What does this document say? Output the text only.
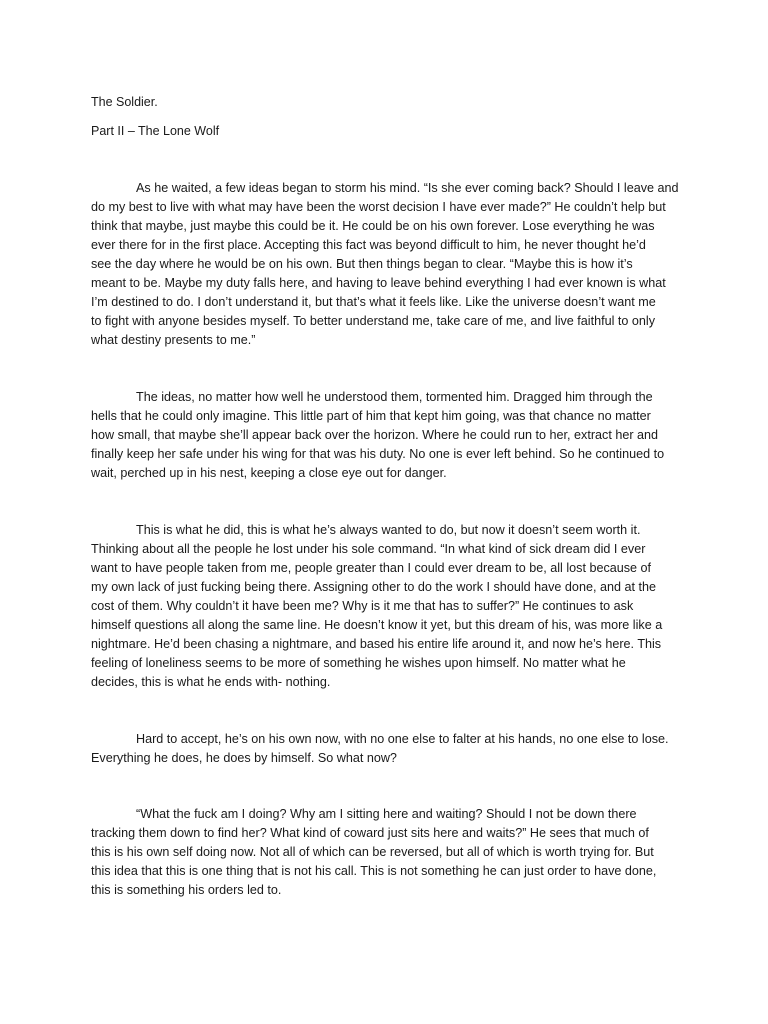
The Soldier.
Part II – The Lone Wolf
As he waited, a few ideas began to storm his mind. “Is she ever coming back? Should I leave and
do my best to live with what may have been the worst decision I have ever made?” He couldn’t help but
think that maybe, just maybe this could be it. He could be on his own forever. Lose everything he was
ever there for in the first place. Accepting this fact was beyond difficult to him, he never thought he’d
see the day where he would be on his own. But then things began to clear. “Maybe this is how it’s
meant to be. Maybe my duty falls here, and having to leave behind everything I had ever known is what
I’m destined to do. I don’t understand it, but that’s what it feels like. Like the universe doesn’t want me
to fight with anyone besides myself. To better understand me, take care of me, and live faithful to only
what destiny presents to me.”
The ideas, no matter how well he understood them, tormented him. Dragged him through the
hells that he could only imagine. This little part of him that kept him going, was that chance no matter
how small, that maybe she’ll appear back over the horizon. Where he could run to her, extract her and
finally keep her safe under his wing for that was his duty. No one is ever left behind. So he continued to
wait, perched up in his nest, keeping a close eye out for danger.
This is what he did, this is what he’s always wanted to do, but now it doesn’t seem worth it.
Thinking about all the people he lost under his sole command. “In what kind of sick dream did I ever
want to have people taken from me, people greater than I could ever dream to be, all lost because of
my own lack of just fucking being there. Assigning other to do the work I should have done, and at the
cost of them. Why couldn’t it have been me? Why is it me that has to suffer?” He continues to ask
himself questions all along the same line. He doesn’t know it yet, but this dream of his, was more like a
nightmare. He’d been chasing a nightmare, and based his entire life around it, and now he’s here. This
feeling of loneliness seems to be more of something he wishes upon himself. No matter what he
decides, this is what he ends with- nothing.
Hard to accept, he’s on his own now, with no one else to falter at his hands, no one else to lose.
Everything he does, he does by himself. So what now?
“What the fuck am I doing? Why am I sitting here and waiting? Should I not be down there
tracking them down to find her? What kind of coward just sits here and waits?” He sees that much of
this is his own self doing now. Not all of which can be reversed, but all of which is worth trying for. But
this idea that this is one thing that is not his call. This is not something he can just order to have done,
this is something his orders led to.
